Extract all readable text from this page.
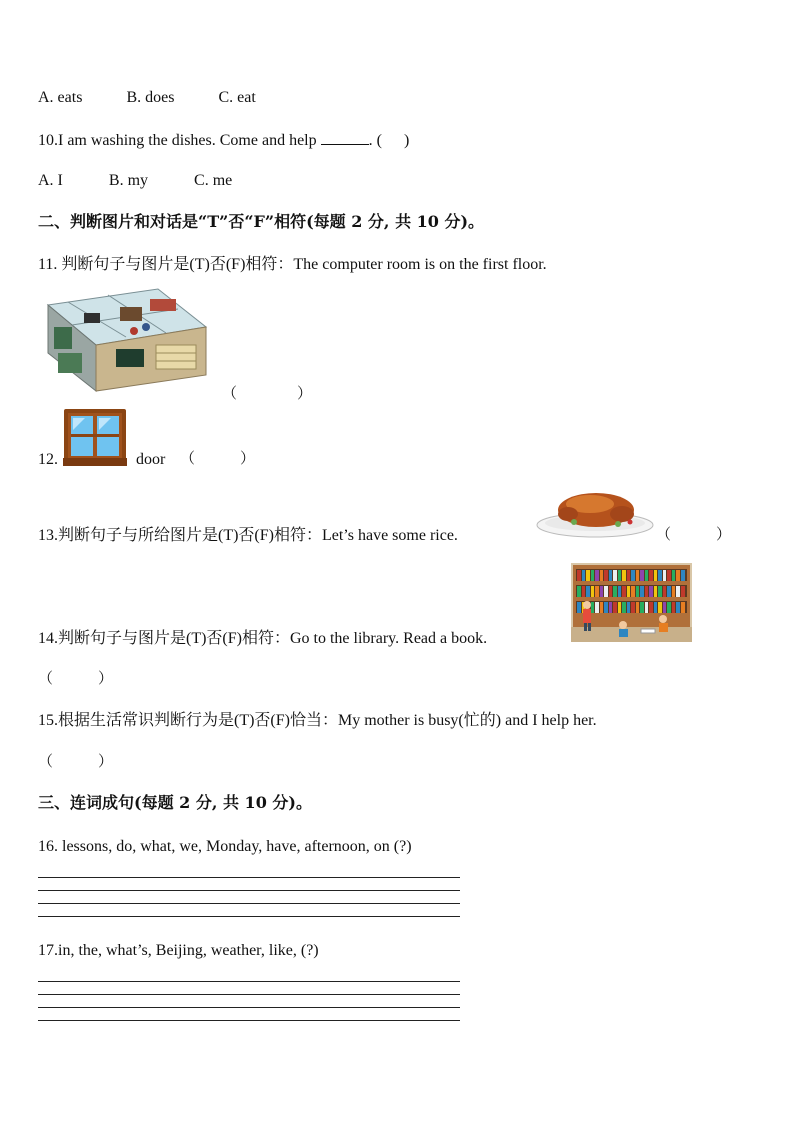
A. eats	B. does	C. eat
10.I am washing the dishes. Come and help	. ( )
A. I	B. my	C. me
二、判断图片和对话是“T”否“F”相符(每题 2 分, 共 10 分)。
11. 判断句子与图片是(T)否(F)相符：The computer room is on the first floor.
（　　　　）
12.	door （　　　）
13.判断句子与所给图片是(T)否(F)相符：Let’s have some rice.	（　　　）
14.判断句子与图片是(T)否(F)相符：Go to the library. Read a book.
（　　　）
15.根据生活常识判断行为是(T)否(F)恰当：My mother is busy(忙的) and I help her.
（　　　）
三、连词成句(每题 2 分, 共 10 分)。
16. lessons, do, what, we, Monday, have, afternoon, on (?)
17.in, the, what’s, Beijing, weather, like, (?)
